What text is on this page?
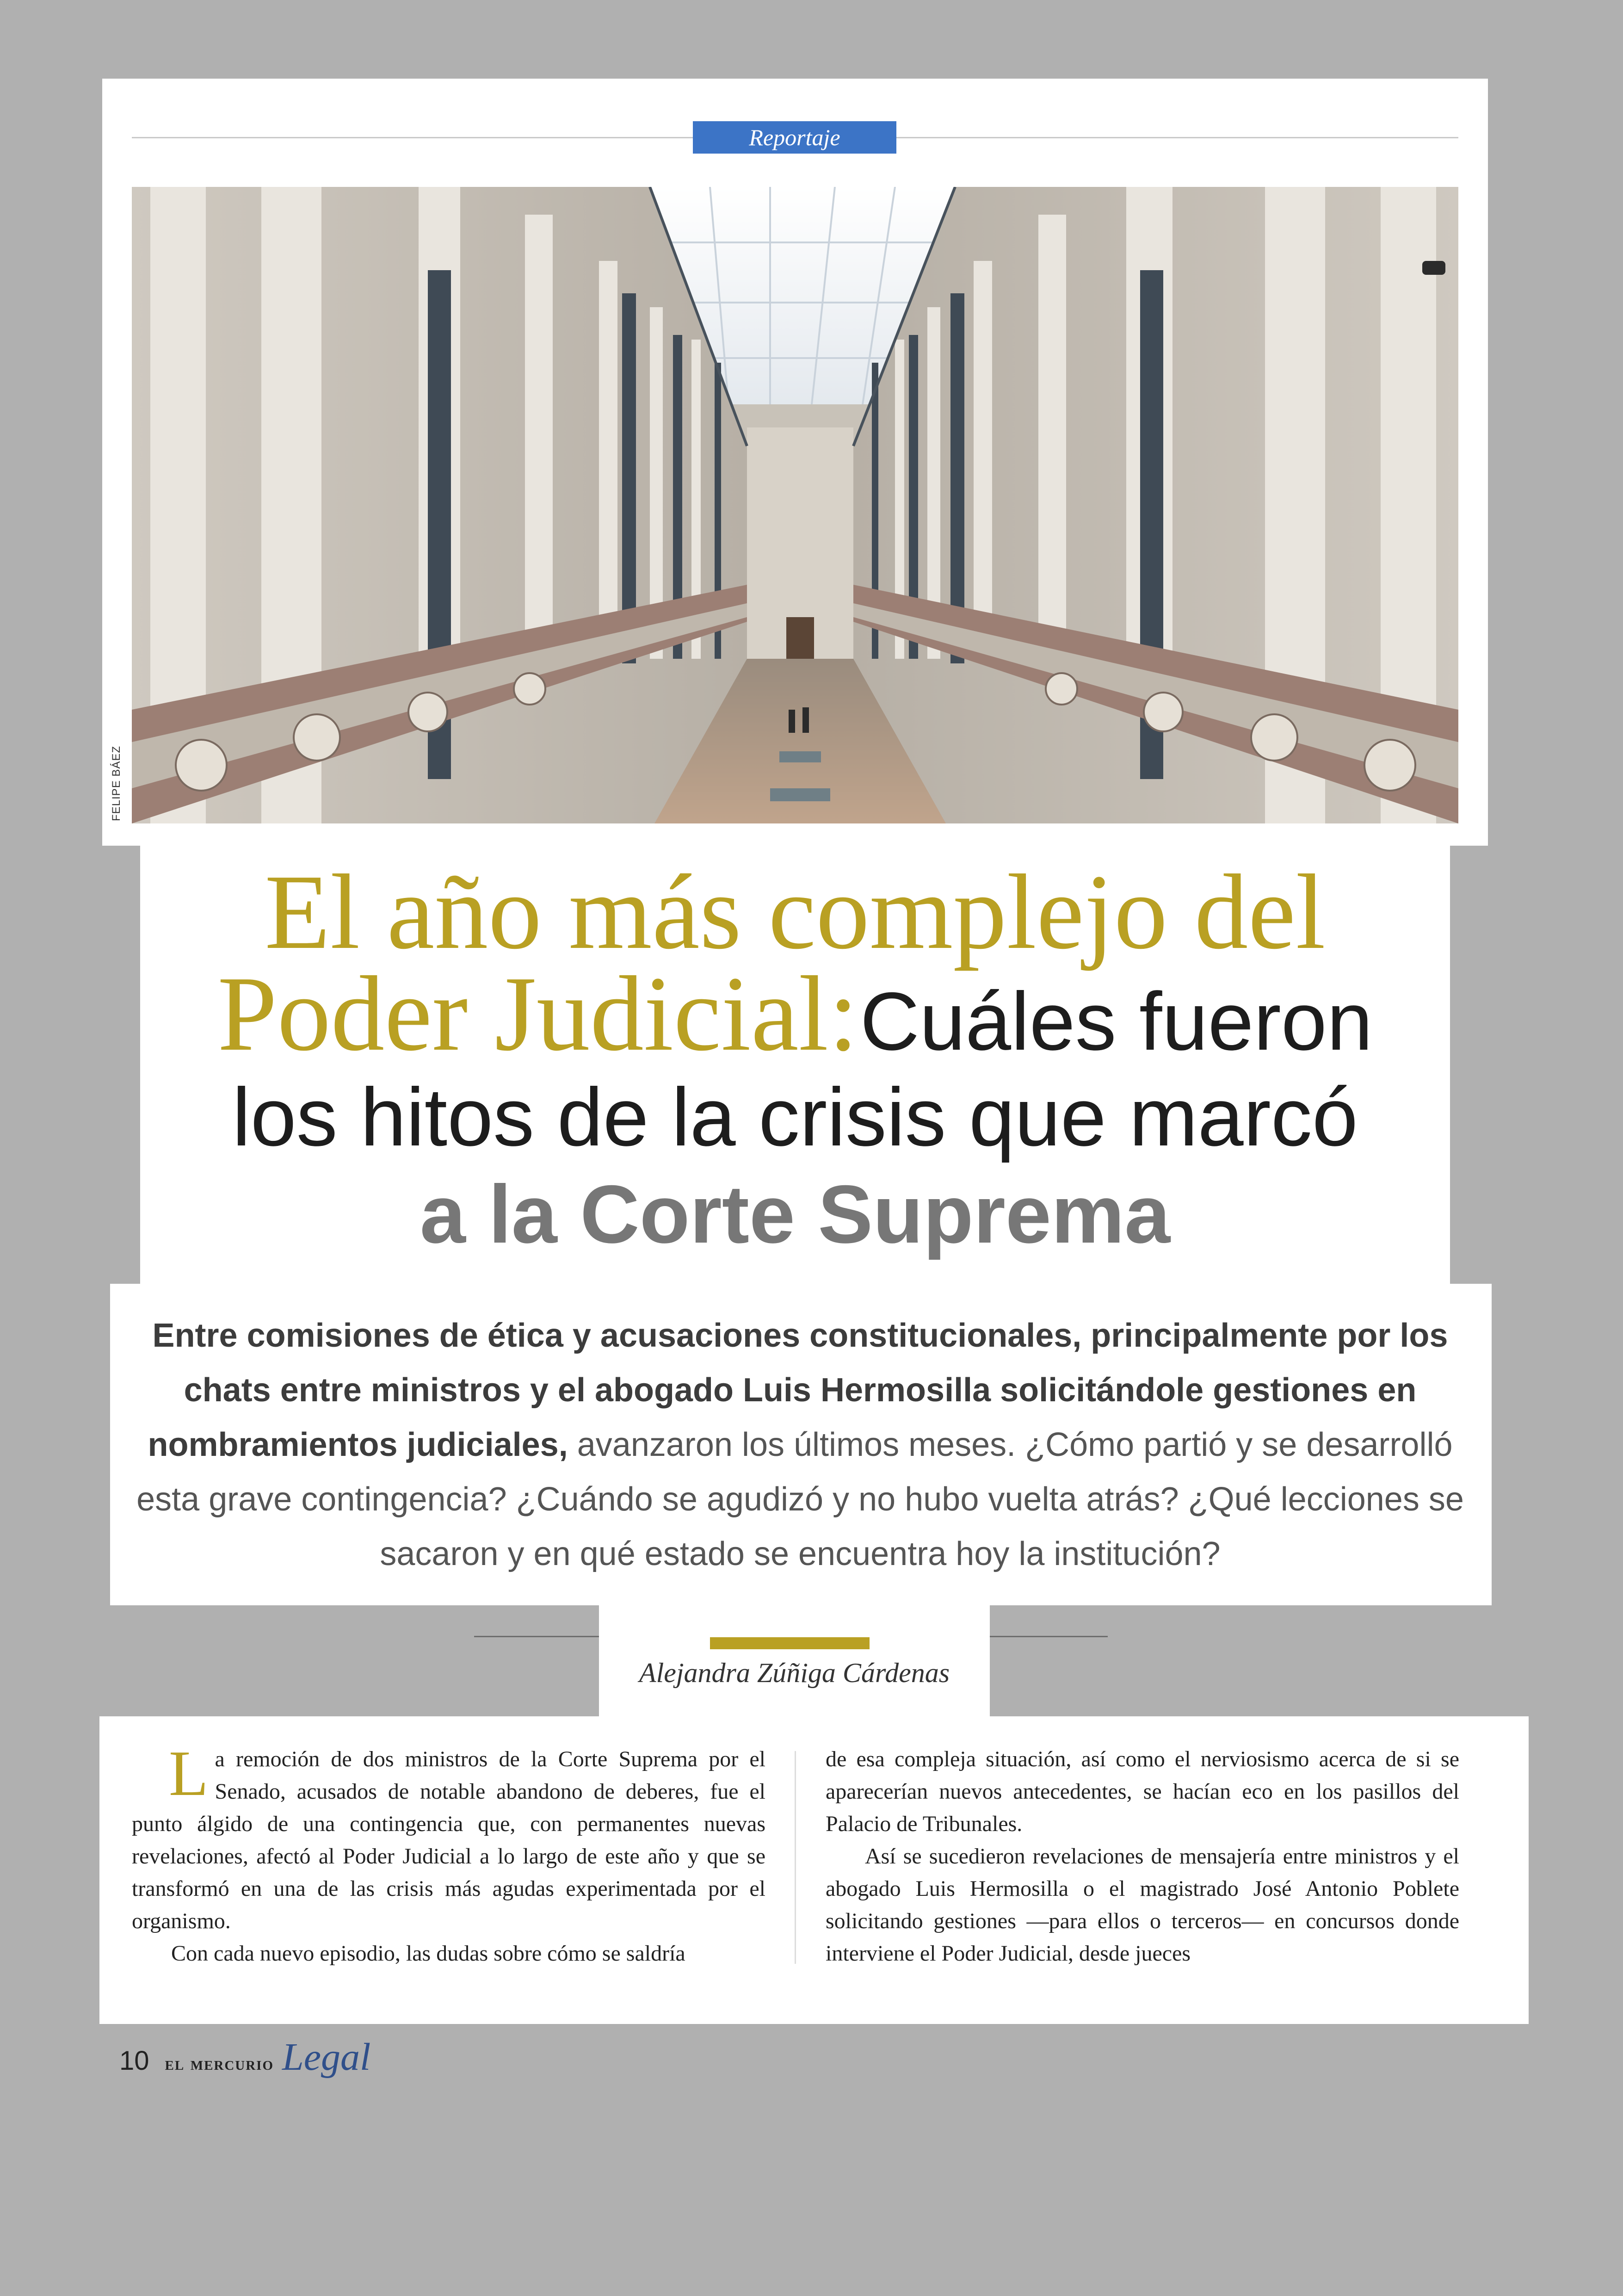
Reportaje
FELIPE BÁEZ
El año más complejo del
Poder Judicial: Cuáles fueron
los hitos de la crisis que marcó
a la Corte Suprema
Entre comisiones de ética y acusaciones constitucionales, principalmente por los chats entre ministros y el abogado Luis Hermosilla solicitándole gestiones en nombramientos judiciales, avanzaron los últimos meses. ¿Cómo partió y se desarrolló esta grave contingencia? ¿Cuándo se agudizó y no hubo vuelta atrás? ¿Qué lecciones se sacaron y en qué estado se encuentra hoy la institución?
Alejandra Zúñiga Cárdenas

La remoción de dos ministros de la Corte Suprema por el Senado, acusados de notable abandono de deberes, fue el punto álgido de una contingencia que, con permanentes nuevas revelaciones, afectó al Poder Judicial a lo largo de este año y que se transformó en una de las crisis más agudas experimentada por el organismo.

Con cada nuevo episodio, las dudas sobre cómo se saldría

de esa compleja situación, así como el nerviosismo acerca de si se aparecerían nuevos antecedentes, se hacían eco en los pasillos del Palacio de Tribunales.

Así se sucedieron revelaciones de mensajería entre ministros y el abogado Luis Hermosilla o el magistrado José Antonio Poblete solicitando gestiones —para ellos o terceros— en concursos donde interviene el Poder Judicial, desde jueces

10 el mercurio Legal
